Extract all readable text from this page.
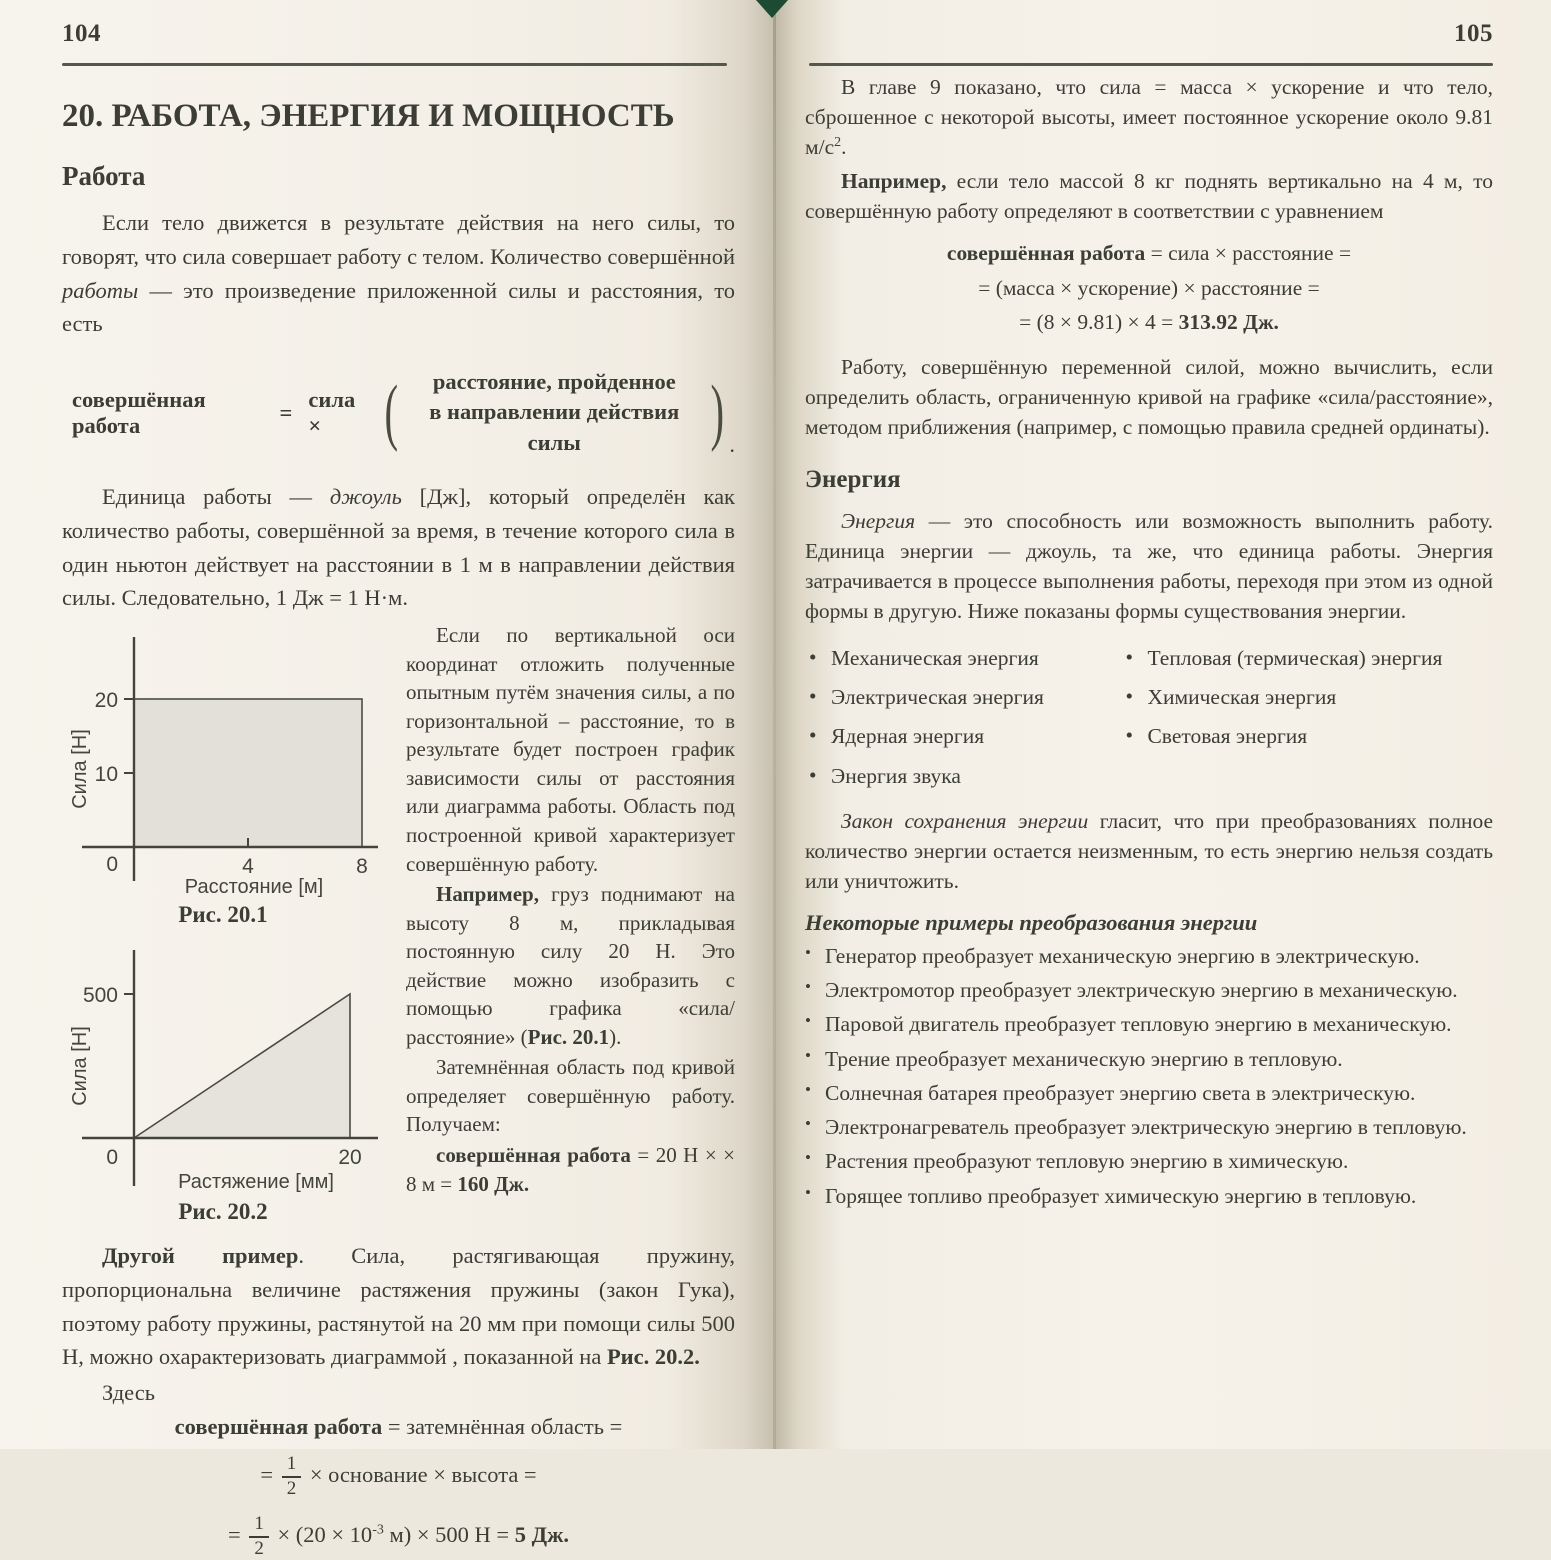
104
20. РАБОТА, ЭНЕРГИЯ И МОЩНОСТЬ
Работа

Если тело движется в результате действия на него силы, то говорят, что сила совершает работу с телом. Количество совершённой работы — это произведение приложенной силы и расстояния, то есть

совершённая работа
=
сила × (	расстояние, пройденное
в направлении действия силы	) .

Единица работы — джоуль [Дж], который определён как количество работы, совершённой за время, в течение которого сила в один ньютон действует на расстоянии в 1 м в направлении действия силы. Следовательно, 1 Дж = 1 Н·м.

20
10
0	4	8
Сила [Н]
Расстояние [м]
Рис. 20.1
500
0	20
Сила [Н]
Растяжение [мм]
Рис. 20.2

Если по вертикальной оси координат отложить полученные опытным путём значения силы, а по горизонтальной – расстояние, то в результате будет построен график зависимости силы от расстояния или диаграмма работы. Область под построенной кривой характеризует совершённую работу.

Например, груз поднимают на высоту 8 м, прикладывая постоянную силу 20 Н. Это действие можно изобразить с помощью графика «сила/расстояние» (Рис. 20.1).

Затемнённая область под кривой определяет совершённую работу. Получаем:

совершённая работа = 20 Н × × 8 м = 160 Дж.

Другой пример. Сила, растягивающая пружину, пропорциональна величине растяжения пружины (закон Гука), поэтому работу пружины, растянутой на 20 мм при помощи силы 500 Н, можно охарактеризовать диаграммой , показанной на Рис. 20.2.

Здесь
совершённая работа = затемнённая область =
= $\frac{1}{2}$ × основание × высота =
= $\frac{1}{2} \times (20 \times 10^{-3}$ м) × 500 Н = 5 Дж.
105

В главе 9 показано, что сила = масса × ускорение и что тело, сброшенное с некоторой высоты, имеет постоянное ускорение около 9.81 $м/с^2$.

Например, если тело массой 8 кг поднять вертикально на 4 м, то совершённую работу определяют в соответствии с уравнением

совершённая работа = сила × расстояние =
= (масса × ускорение) × расстояние =
= (8 × 9.81) × 4 = 313.92 Дж.

Работу, совершённую переменной силой, можно вычислить, если определить область, ограниченную кривой на графике «сила/расстояние», методом приближения (например, с помощью правила средней ординаты).

Энергия

Энергия — это способность или возможность выполнить работу. Единица энергии — джоуль, та же, что единица работы. Энергия затрачивается в процессе выполнения работы, переходя при этом из одной формы в другую. Ниже показаны формы существования энергии.

• Механическая энергия
• Электрическая энергия
• Ядерная энергия
• Энергия звука
• Тепловая (термическая) энергия
• Химическая энергия
• Световая энергия

Закон сохранения энергии гласит, что при преобразованиях полное количество энергии остается неизменным, то есть энергию нельзя создать или уничтожить.

Некоторые примеры преобразования энергии
• Генератор преобразует механическую энергию в электрическую.
• Электромотор преобразует электрическую энергию в механическую.
• Паровой двигатель преобразует тепловую энергию в механическую.
• Трение преобразует механическую энергию в тепловую.
• Солнечная батарея преобразует энергию света в электрическую.
• Электронагреватель преобразует электрическую энергию в тепловую.
• Растения преобразуют тепловую энергию в химическую.
• Горящее топливо преобразует химическую энергию в тепловую.
